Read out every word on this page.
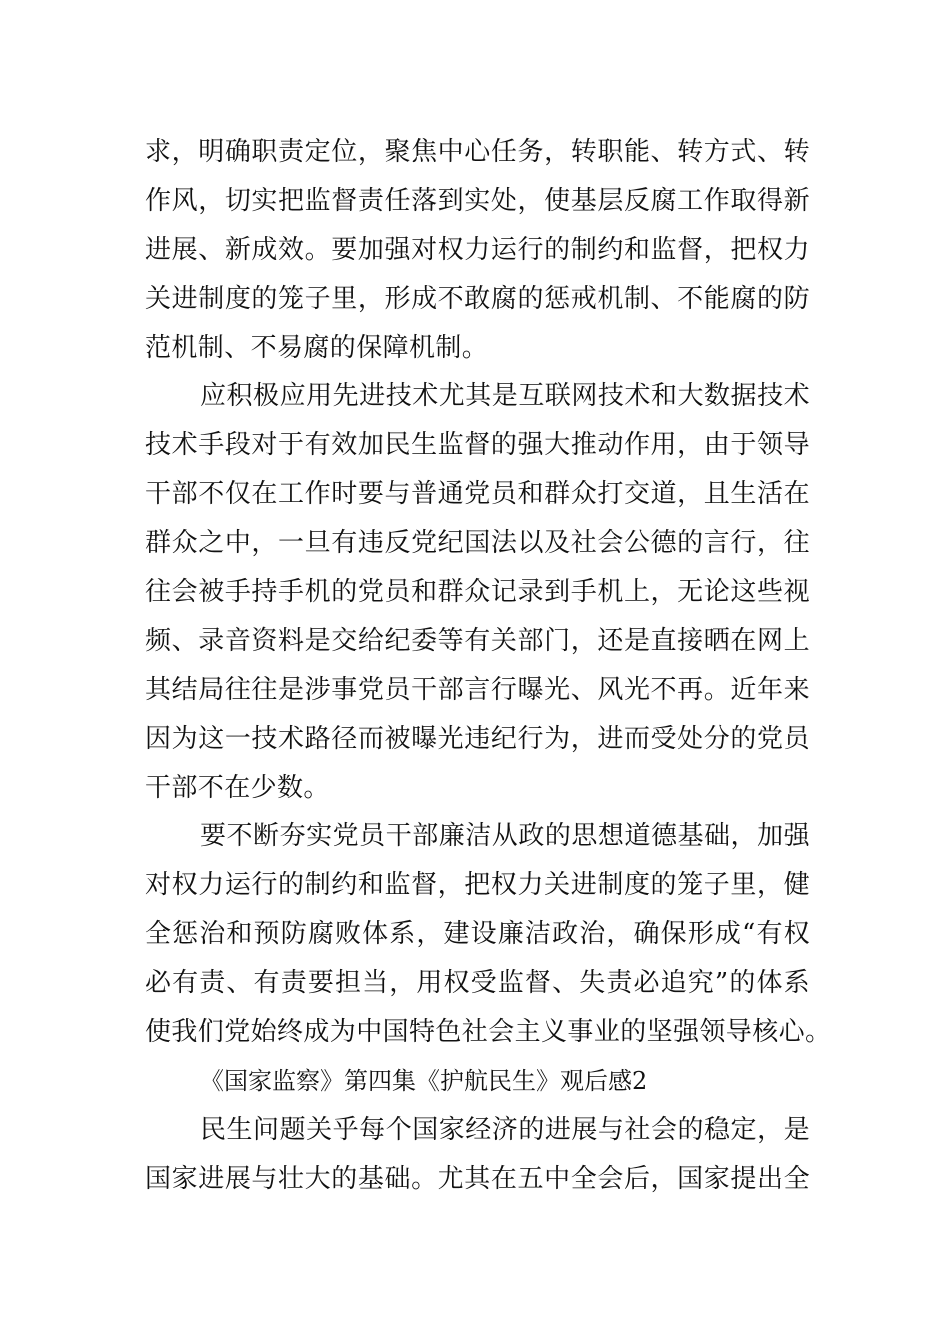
求，明确职责定位，聚焦中心任务，转职能、转方式、转
作风，切实把监督责任落到实处，使基层反腐工作取得新
进展、新成效。要加强对权力运行的制约和监督，把权力
关进制度的笼子里，形成不敢腐的惩戒机制、不能腐的防
范机制、不易腐的保障机制。
应积极应用先进技术尤其是互联网技术和大数据技术
技术手段对于有效加民生监督的强大推动作用，由于领导
干部不仅在工作时要与普通党员和群众打交道，且生活在
群众之中，一旦有违反党纪国法以及社会公德的言行，往
往会被手持手机的党员和群众记录到手机上，无论这些视
频、录音资料是交给纪委等有关部门，还是直接晒在网上
其结局往往是涉事党员干部言行曝光、风光不再。近年来
因为这一技术路径而被曝光违纪行为，进而受处分的党员
干部不在少数。
要不断夯实党员干部廉洁从政的思想道德基础，加强
对权力运行的制约和监督，把权力关进制度的笼子里，健
全惩治和预防腐败体系，建设廉洁政治，确保形成“有权
必有责、有责要担当，用权受监督、失责必追究”的体系
使我们党始终成为中国特色社会主义事业的坚强领导核心。
《国家监察》第四集《护航民生》观后感2
民生问题关乎每个国家经济的进展与社会的稳定，是
国家进展与壮大的基础。尤其在五中全会后，国家提出全
